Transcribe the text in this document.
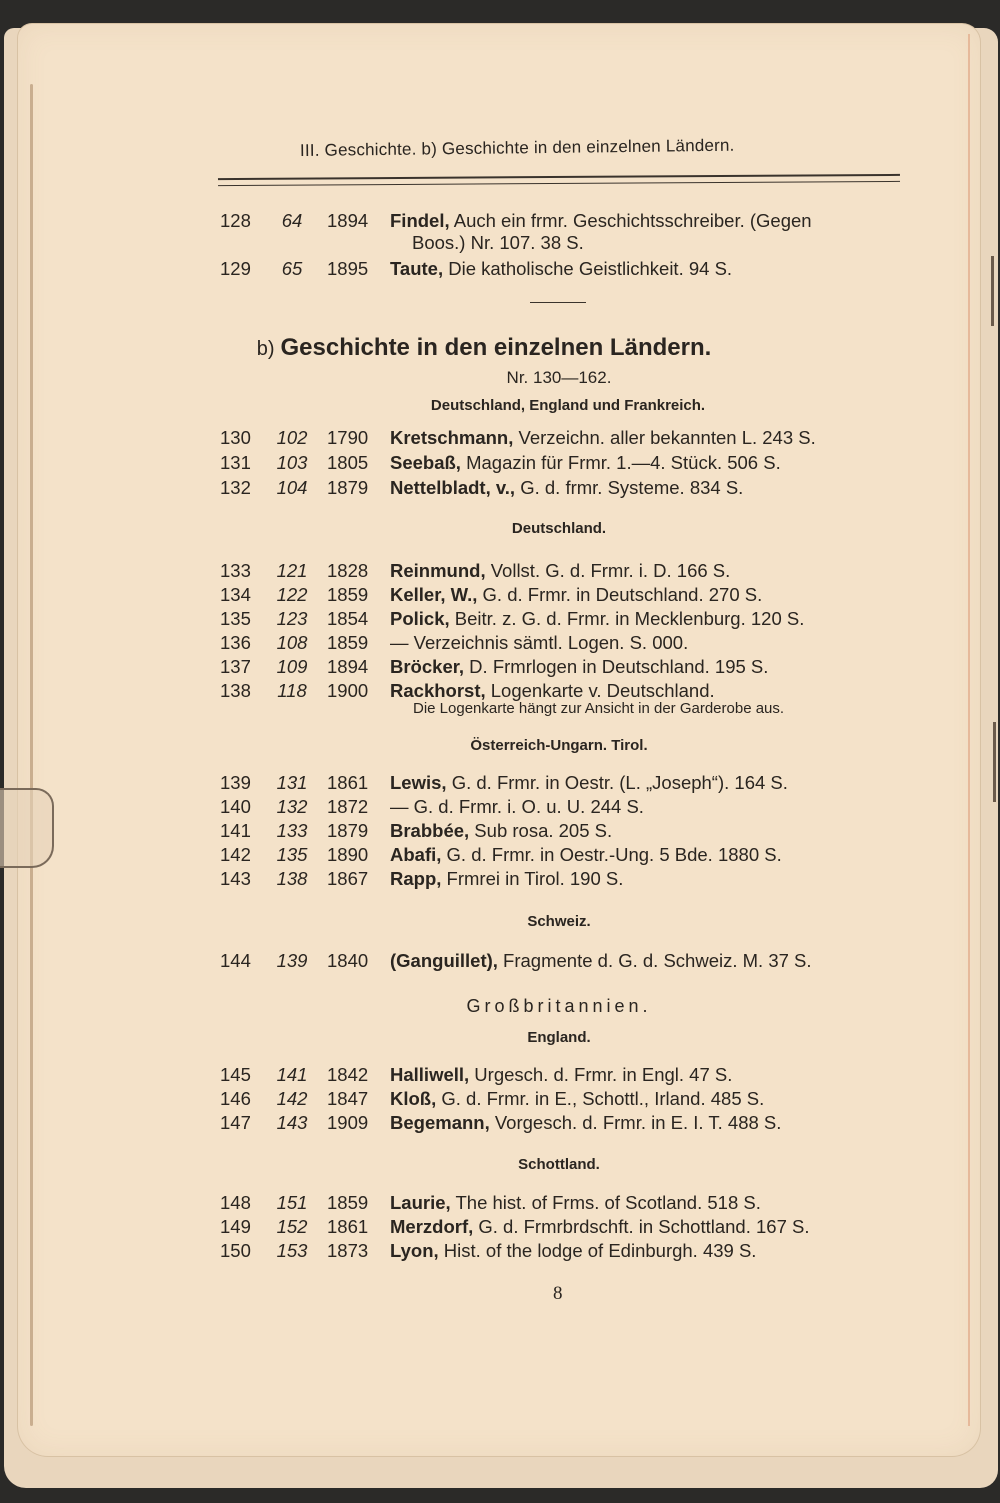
III. Geschichte. b) Geschichte in den einzelnen Ländern.
128	64	1894	Findel, Auch ein frmr. Geschichtsschreiber. (Gegen
Boos.) Nr. 107. 38 S.
129	65	1895	Taute, Die katholische Geistlichkeit. 94 S.
b) Geschichte in den einzelnen Ländern.
Nr. 130—162.
Deutschland, England und Frankreich.
130	102	1790	Kretschmann, Verzeichn. aller bekannten L. 243 S.
131	103	1805	Seebaß, Magazin für Frmr. 1.—4. Stück. 506 S.
132	104	1879	Nettelbladt, v., G. d. frmr. Systeme. 834 S.
Deutschland.
133	121	1828	Reinmund, Vollst. G. d. Frmr. i. D. 166 S.
134	122	1859	Keller, W., G. d. Frmr. in Deutschland. 270 S.
135	123	1854	Polick, Beitr. z. G. d. Frmr. in Mecklenburg. 120 S.
136	108	1859	— Verzeichnis sämtl. Logen. S. 000.
137	109	1894	Bröcker, D. Frmrlogen in Deutschland. 195 S.
138	118	1900	Rackhorst, Logenkarte v. Deutschland.
Die Logenkarte hängt zur Ansicht in der Garderobe aus.
Österreich-Ungarn. Tirol.
139	131	1861	Lewis, G. d. Frmr. in Oestr. (L. „Joseph“). 164 S.
140	132	1872	— G. d. Frmr. i. O. u. U. 244 S.
141	133	1879	Brabbée, Sub rosa. 205 S.
142	135	1890	Abafi, G. d. Frmr. in Oestr.-Ung. 5 Bde. 1880 S.
143	138	1867	Rapp, Frmrei in Tirol. 190 S.
Schweiz.
144	139	1840	(Ganguillet), Fragmente d. G. d. Schweiz. M. 37 S.
Großbritannien.
England.
145	141	1842	Halliwell, Urgesch. d. Frmr. in Engl. 47 S.
146	142	1847	Kloß, G. d. Frmr. in E., Schottl., Irland. 485 S.
147	143	1909	Begemann, Vorgesch. d. Frmr. in E. I. T. 488 S.
Schottland.
148	151	1859	Laurie, The hist. of Frms. of Scotland. 518 S.
149	152	1861	Merzdorf, G. d. Frmrbrdschft. in Schottland. 167 S.
150	153	1873	Lyon, Hist. of the lodge of Edinburgh. 439 S.
8
